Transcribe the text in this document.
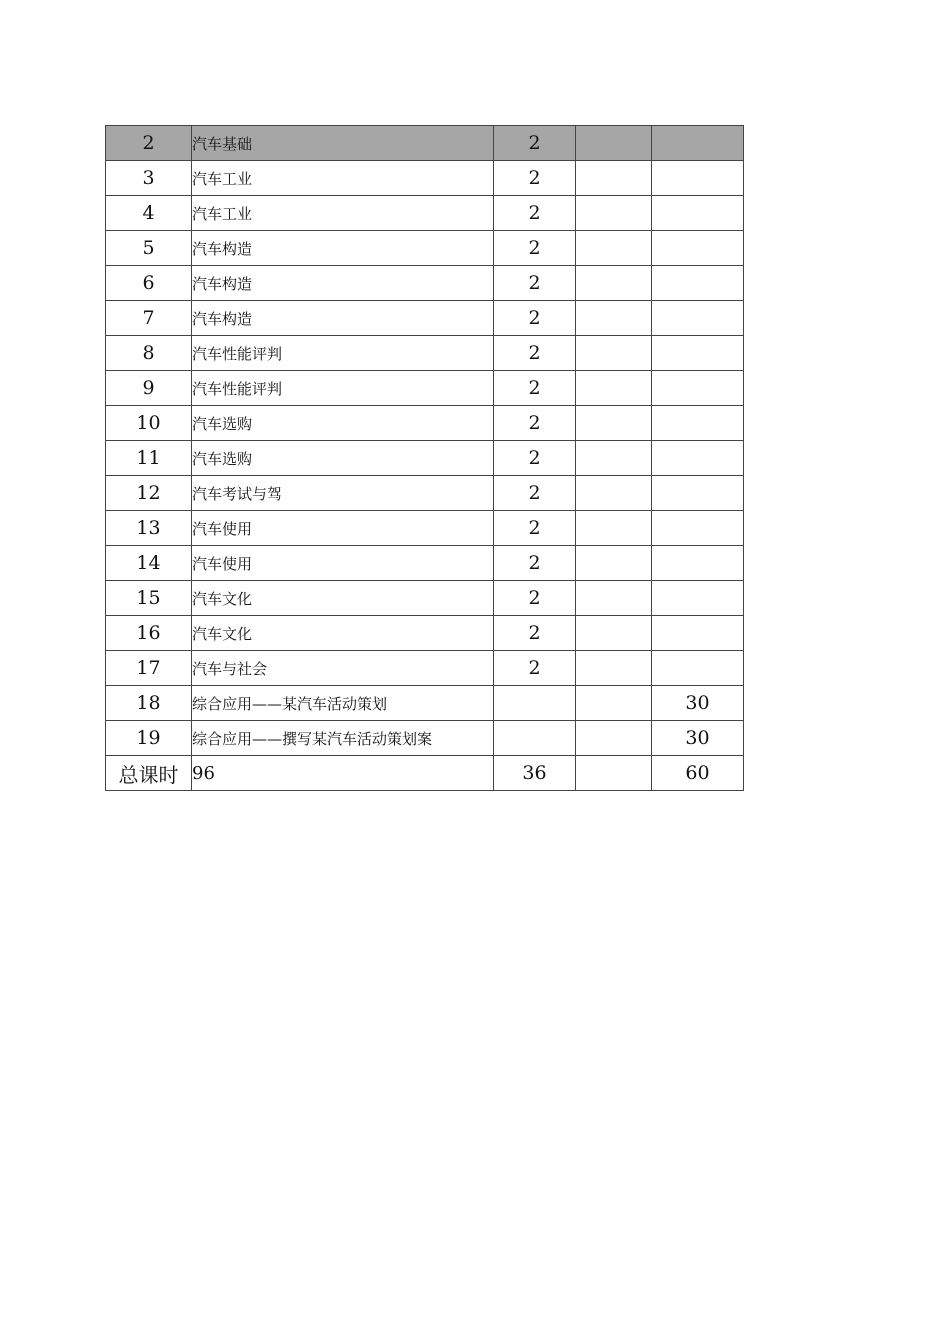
2	汽车基础	2		
3	汽车工业	2		
4	汽车工业	2		
5	汽车构造	2		
6	汽车构造	2		
7	汽车构造	2		
8	汽车性能评判	2		
9	汽车性能评判	2		
10	汽车选购	2		
11	汽车选购	2		
12	汽车考试与驾	2		
13	汽车使用	2		
14	汽车使用	2		
15	汽车文化	2		
16	汽车文化	2		
17	汽车与社会	2		
18	综合应用——某汽车活动策划			30
19	综合应用——撰写某汽车活动策划案			30
总课时	96	36		60
